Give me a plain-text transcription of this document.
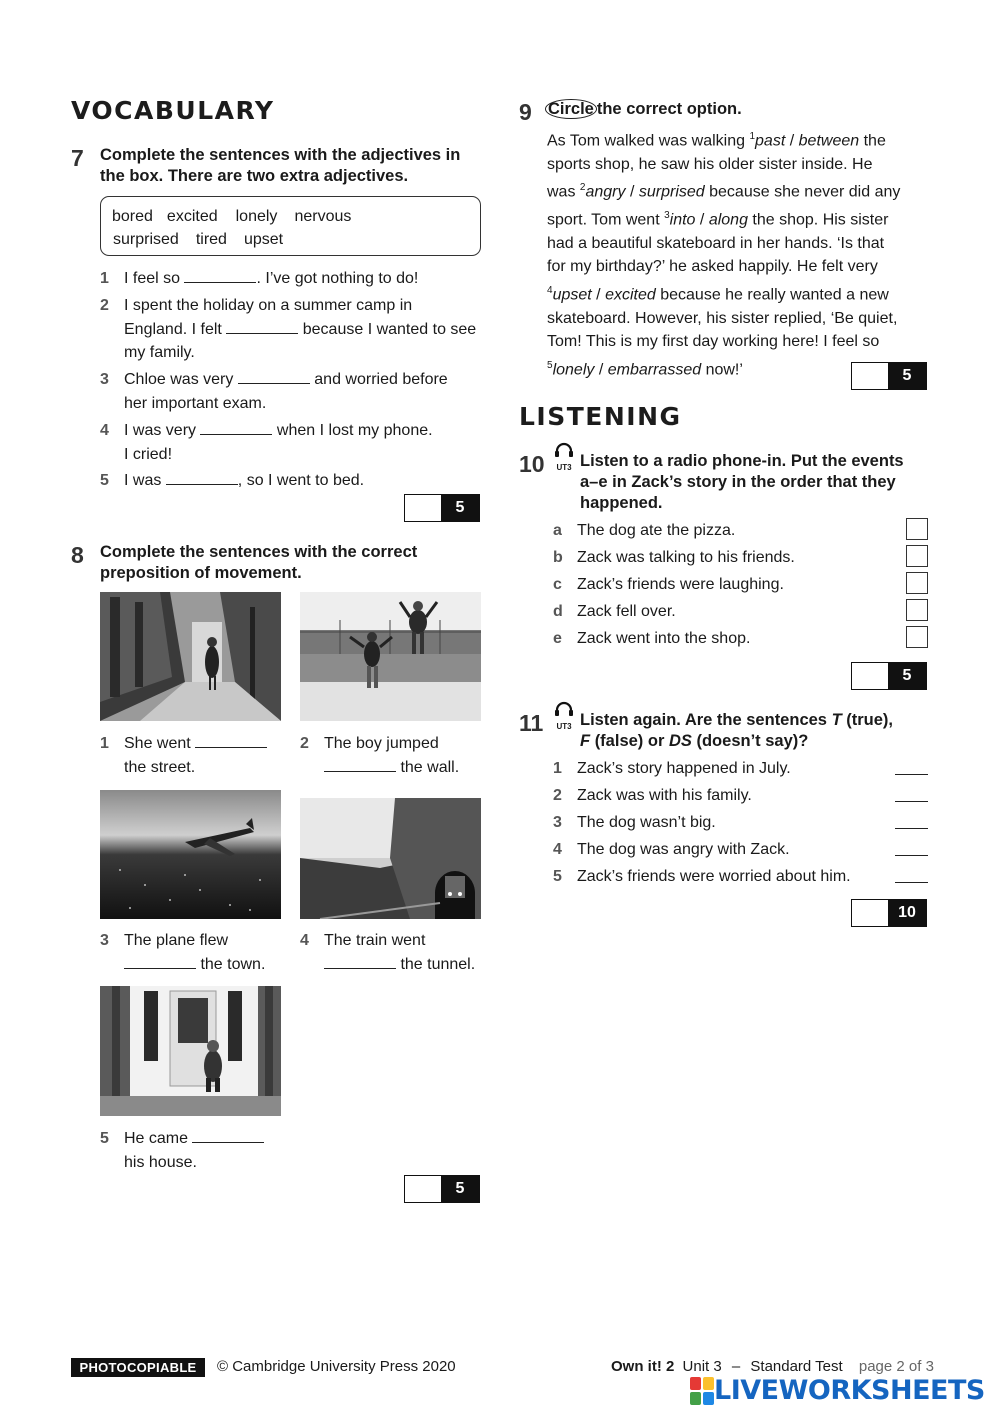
VOCABULARY
7 Complete the sentences with the adjectives in
the box. There are two extra adjectives.
bored excited lonely nervous
surprised tired upset
1 I feel so	. I’ve got nothing to do!
2 I spent the holiday on a summer camp in
England. I felt	because I wanted to see
my family.
3 Chloe was very	and worried before
her important exam.
4 I was very	when I lost my phone.
I cried!
5 I was	, so I went to bed.
5
8 Complete the sentences with the correct
preposition of movement.
1 She went
the street.
2 The boy jumped
the wall.
3 The plane flew
the town.
4 The train went
the tunnel.
5 He came
his house.
5
9 Circle the correct option.
As Tom walked was walking $^1$past / between the
sports shop, he saw his older sister inside. He
was $^2$angry / surprised because she never did any
sport. Tom went $^3$into / along the shop. His sister
had a beautiful skateboard in her hands. ‘Is that
for my birthday?’ he asked happily. He felt very
$^4$upset / excited because he really wanted a new
skateboard. However, his sister replied, ‘Be quiet,
Tom! This is my first day working here! I feel so
$^5$lonely / embarrassed now!’	5
LISTENING
10	UT3 Listen to a radio phone-in. Put the events
a–e in Zack’s story in the order that they
happened.
a The dog ate the pizza.
b Zack was talking to his friends.
c Zack’s friends were laughing.
d Zack fell over.
e Zack went into the shop.
5
11	UT3 Listen again. Are the sentences T (true),
F (false) or DS (doesn’t say)?
1 Zack’s story happened in July.
2 Zack was with his family.
3 The dog wasn’t big.
4 The dog was angry with Zack.
5 Zack’s friends were worried about him.
10
PHOTOCOPIABLE	© Cambridge University Press 2020	Own it! 2 Unit 3 – Standard Test page 2 of 3
LIVEWORKSHEETS
